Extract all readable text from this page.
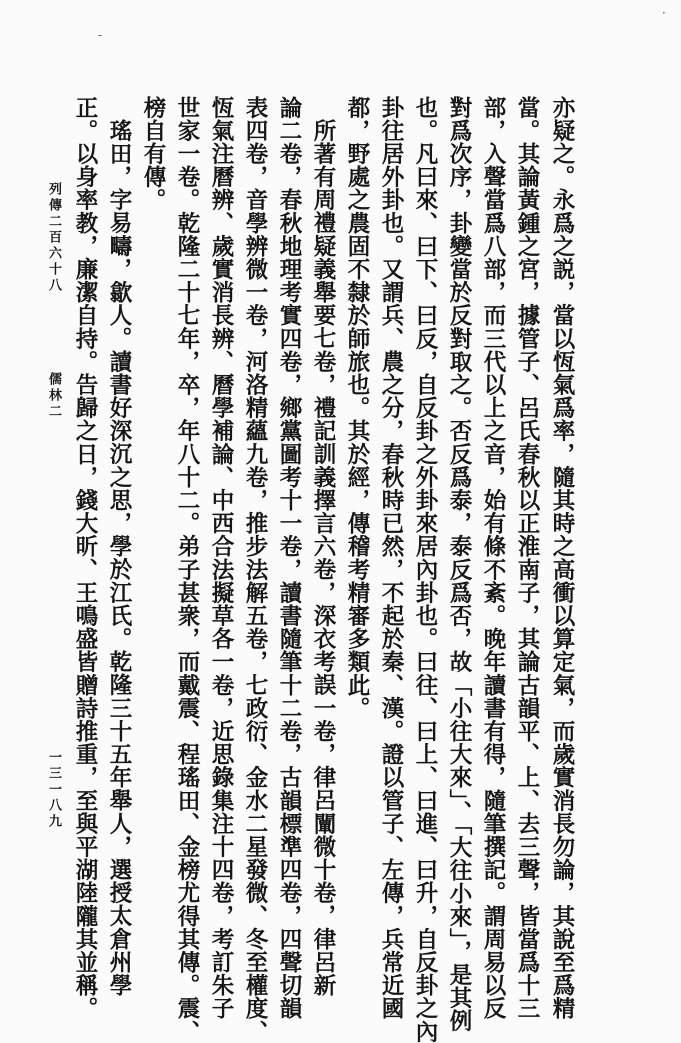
亦疑之。永爲之説，當以恆氣爲率，隨其時之高衝以算定氣，而歲實消長勿論，其說至爲精
當。其論黃鍾之宮，據管子、呂氏春秋以正淮南子，其論古韻平、上、去三聲，皆當爲十三
部，入聲當爲八部，而三代以上之音，始有條不紊。晚年讀書有得，隨筆撰記。謂周易以反
對爲次序，卦變當於反對取之。否反爲泰，泰反爲否，故「小往大來」、「大往小來」，是其例
也。凡曰來、曰下、曰反，自反卦之外卦來居內卦也。曰往、曰上、曰進、曰升，自反卦之內
卦往居外卦也。又謂兵、農之分，春秋時已然，不起於秦、漢。證以管子、左傳，兵常近國
都，野處之農固不隸於師旅也。其於經，傳稽考精審多類此。
所著有周禮疑義舉要七卷，禮記訓義擇言六卷，深衣考誤一卷，律呂闡微十卷，律呂新
論二卷，春秋地理考實四卷，鄉黨圖考十一卷，讀書隨筆十二卷，古韻標準四卷，四聲切韻
表四卷，音學辨微一卷，河洛精蘊九卷，推步法解五卷，七政衍、金水二星發微、冬至權度、
恆氣注曆辨、歲實消長辨、曆學補論、中西合法擬草各一卷，近思錄集注十四卷，考訂朱子
世家一卷。乾隆二十七年，卒，年八十二。弟子甚衆，而戴震、程瑤田、金榜尤得其傳。震、
榜自有傳。
瑤田，字易疇，歙人。讀書好深沉之思，學於江氏。乾隆三十五年舉人，選授太倉州學
正。以身率教，廉潔自持。告歸之日，錢大昕、王鳴盛皆贈詩推重，至與平湖陸隴其並稱。
列傳二百六十八
儒林二
一三一八九
·
-
